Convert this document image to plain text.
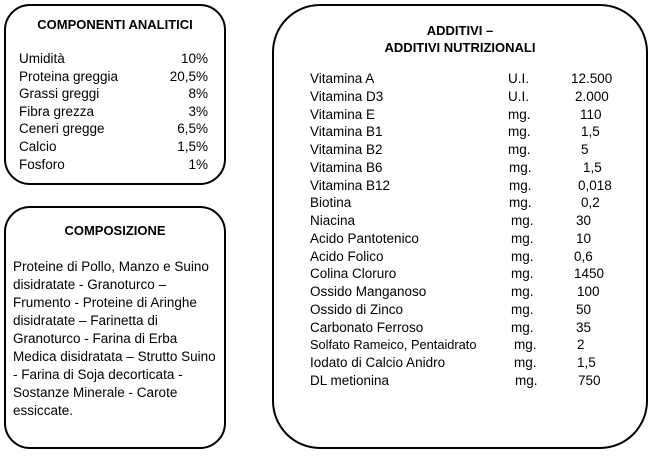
COMPONENTI ANALITICI
Umidità	10%
Proteina greggia	20,5%
Grassi greggi	8%
Fibra grezza	3%
Ceneri gregge	6,5%
Calcio	1,5%
Fosforo	1%
COMPOSIZIONE
Proteine di Pollo, Manzo e Suino disidratate - Granoturco – Frumento - Proteine di Aringhe disidratate – Farinetta di Granoturco - Farina di Erba Medica disidratata – Strutto Suino - Farina di Soja decorticata - Sostanze Minerale - Carote essiccate.
ADDITIVI –
ADDITIVI NUTRIZIONALI
Vitamina A	U.I.	12.500
Vitamina D3	U.I.	2.000
Vitamina E	mg.	110
Vitamina B1	mg.	1,5
Vitamina B2	mg.	5
Vitamina B6	mg.	1,5
Vitamina B12	mg.	0,018
Biotina	mg.	0,2
Niacina	mg.	30
Acido Pantotenico	mg.	10
Acido Folico	mg.	0,6
Colina Cloruro	mg.	1450
Ossido Manganoso	mg.	100
Ossido di Zinco	mg.	50
Carbonato Ferroso	mg.	35
Solfato Rameico, Pentaidrato	mg.	2
Iodato di Calcio Anidro	mg.	1,5
DL metionina	mg.	750
